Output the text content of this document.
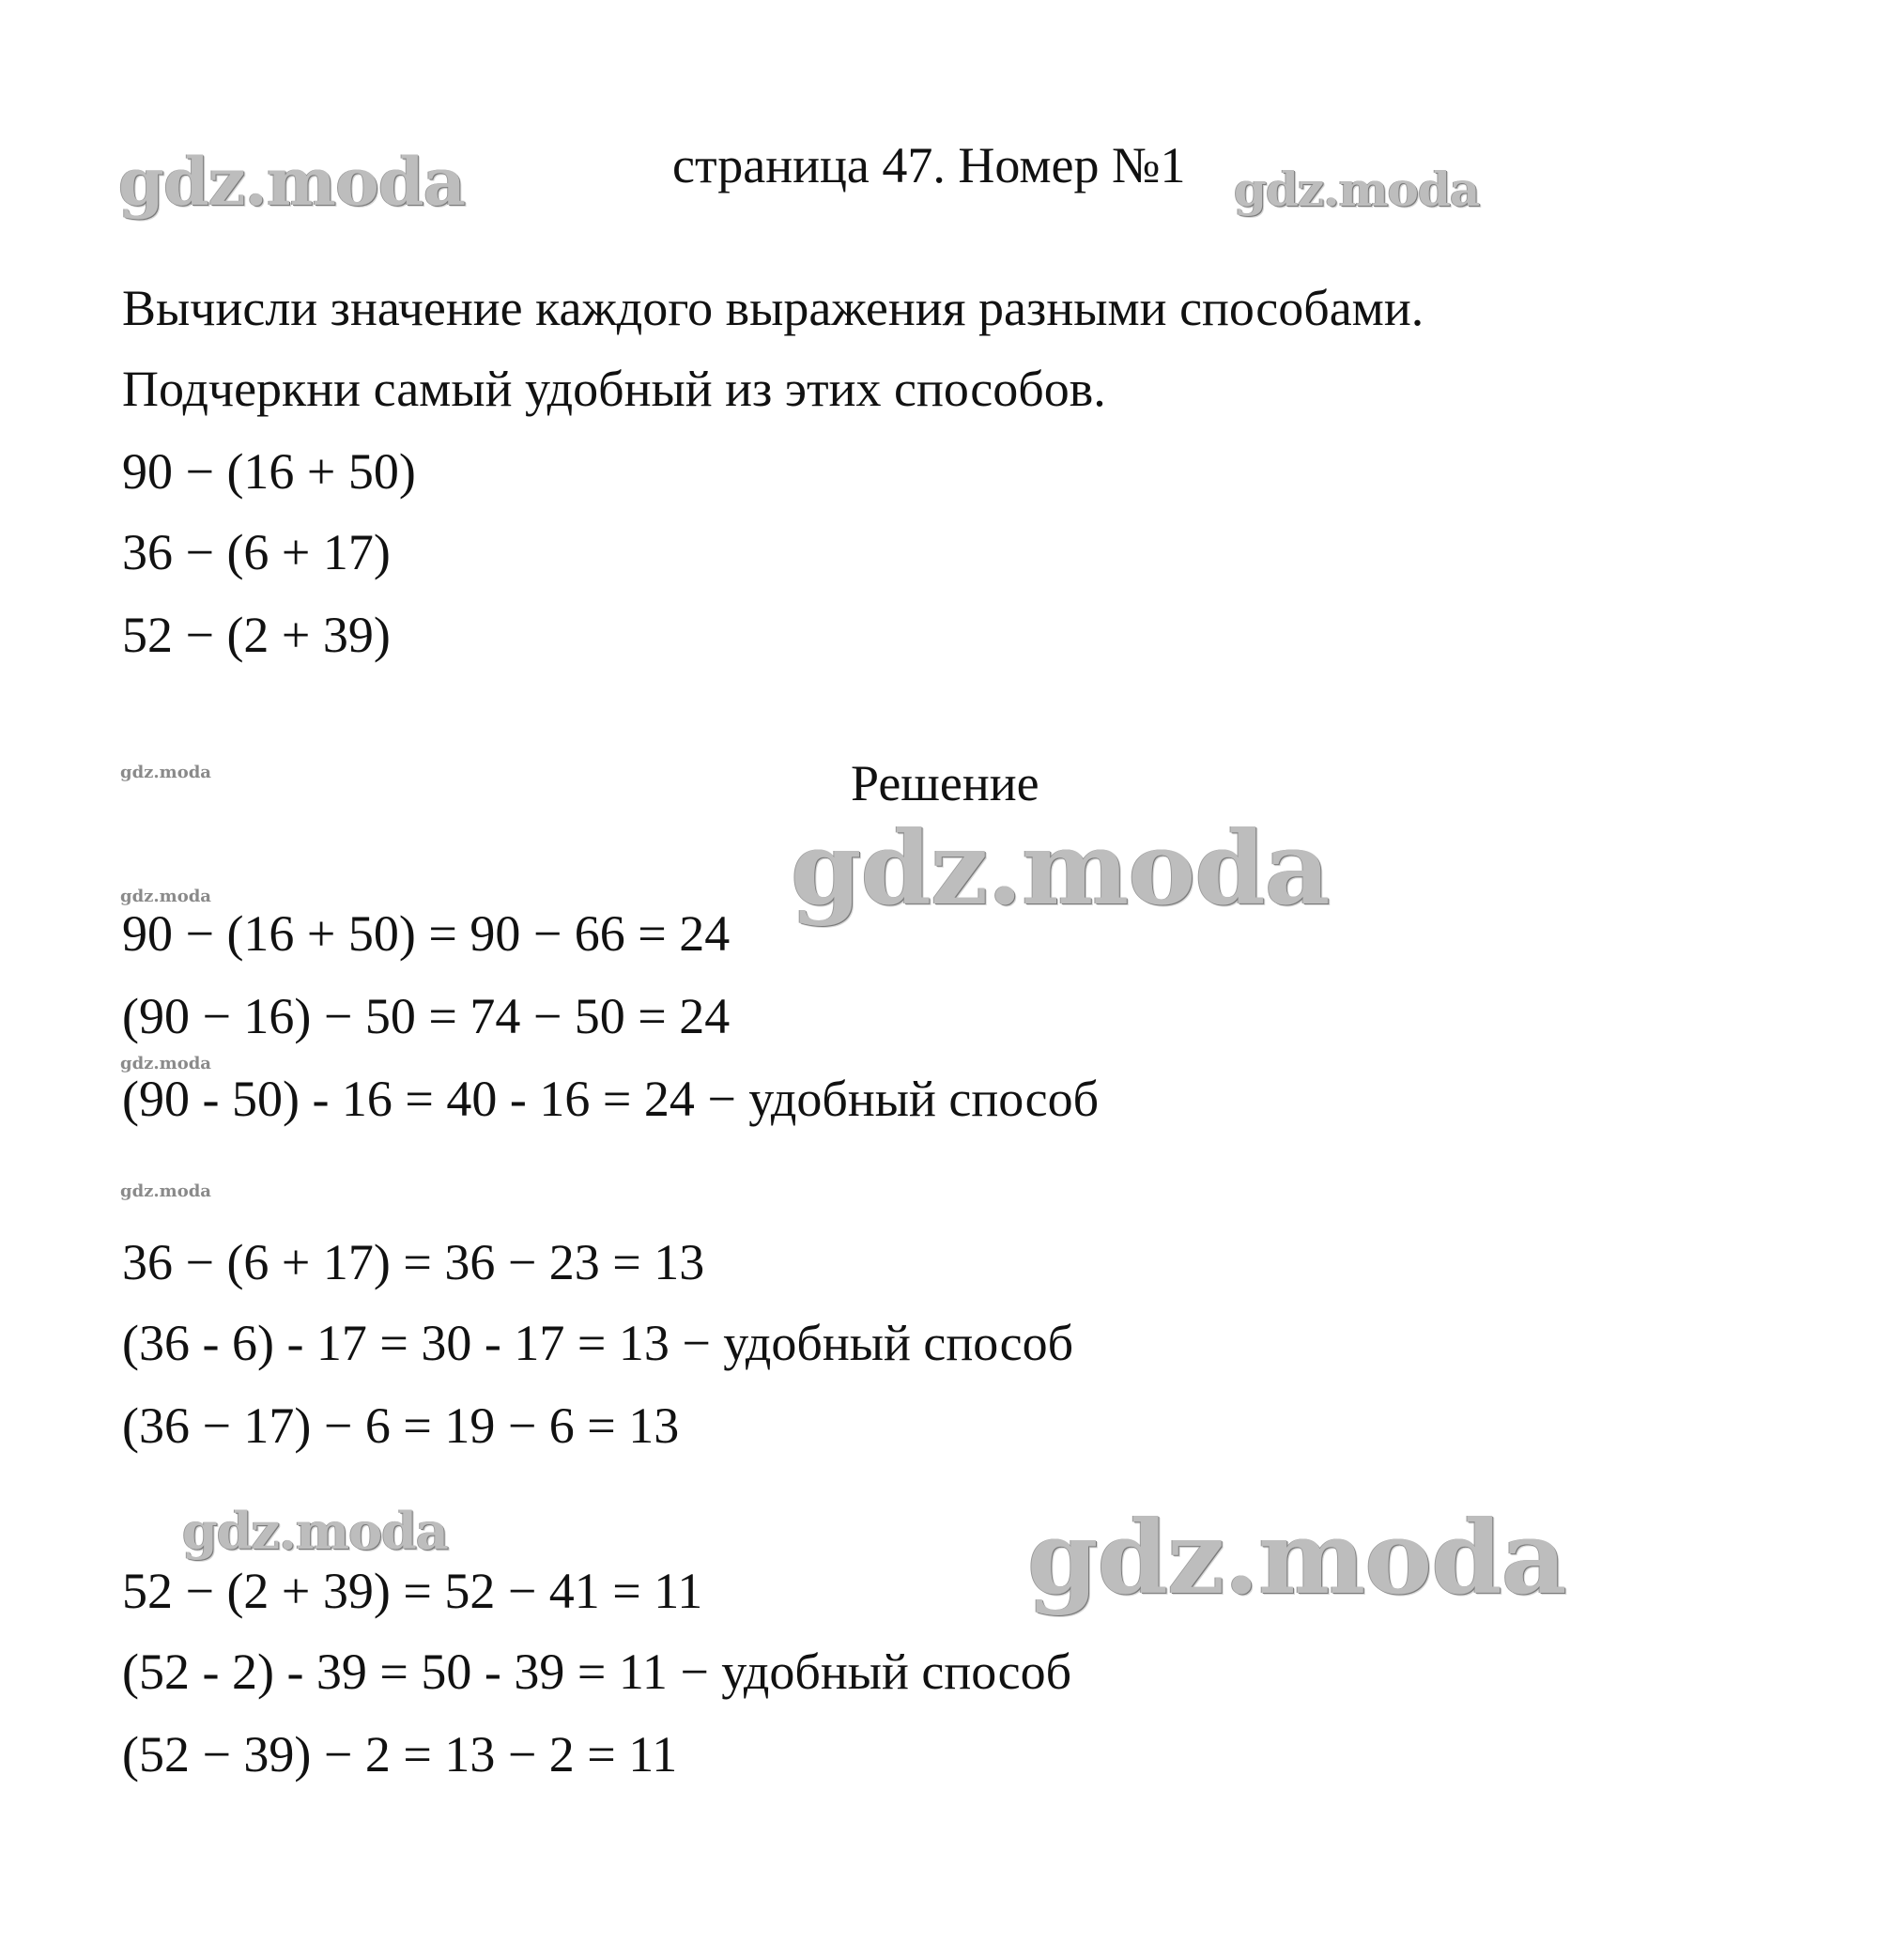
gdz.moda	страница 47. Номер №1 gdz.moda
Вычисли значение каждого выражения разными способами.
Подчеркни самый удобный из этих способов.
90 − (16 + 50)
36 − (6 + 17)
52 − (2 + 39)
gdz.moda	Решение
gdz.moda
gdz.moda
90 − (16 + 50) = 90 − 66 = 24
(90 − 16) − 50 = 74 − 50 = 24
gdz.moda
(90 - 50) - 16 = 40 - 16 = 24 − удобный способ
gdz.moda
36 − (6 + 17) = 36 − 23 = 13
(36 - 6) - 17 = 30 - 17 = 13 − удобный способ
(36 − 17) − 6 = 19 − 6 = 13
gdz.moda	gdz.moda
52 − (2 + 39) = 52 − 41 = 11
(52 - 2) - 39 = 50 - 39 = 11 − удобный способ
(52 − 39) − 2 = 13 − 2 = 11
